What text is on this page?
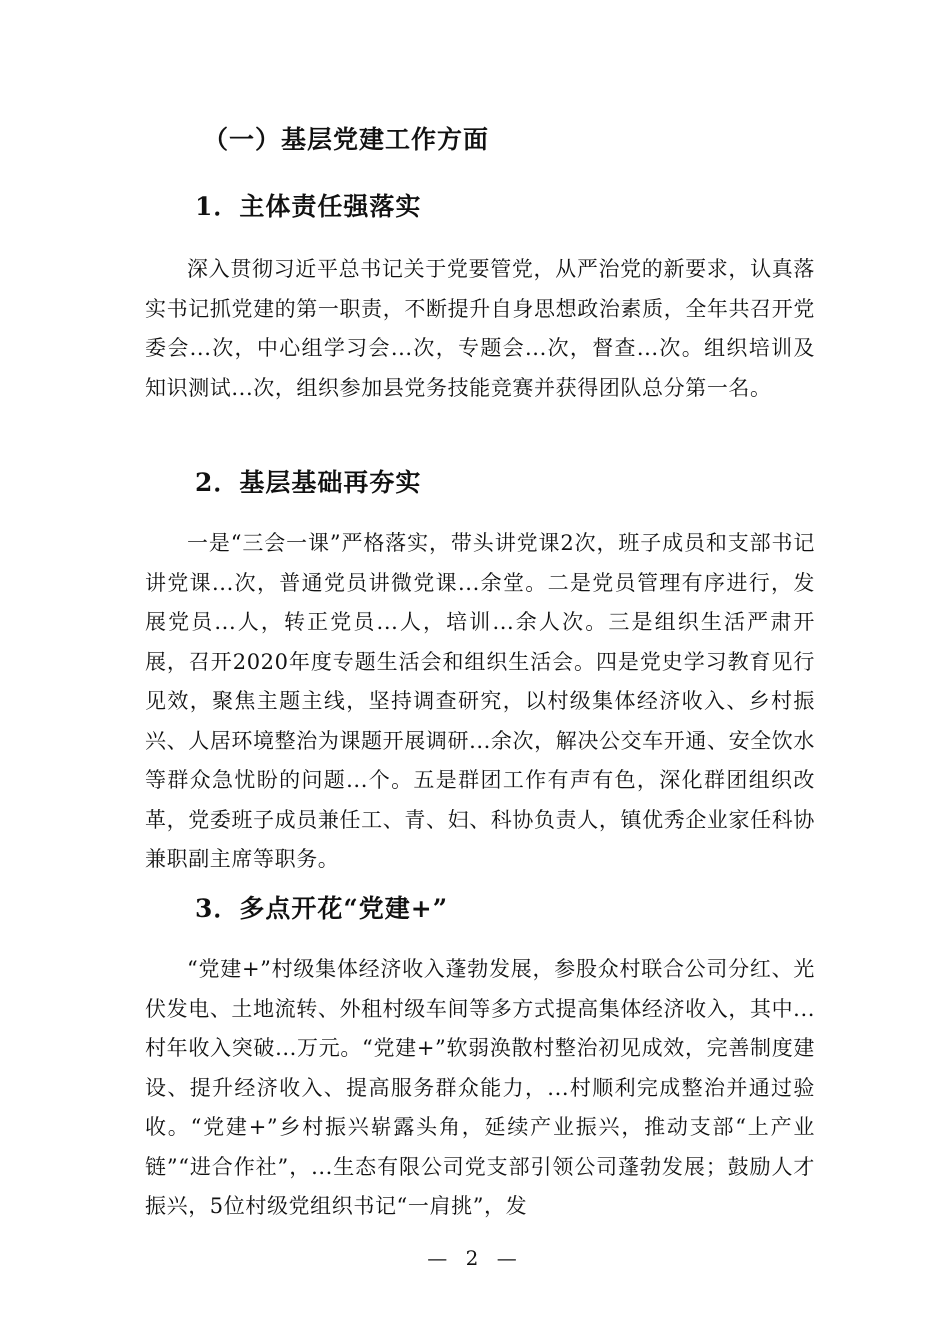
（一）基层党建工作方面
1．主体责任强落实

深入贯彻习近平总书记关于党要管党，从严治党的新要求，认真落实书记抓党建的第一职责，不断提升自身思想政治素质，全年共召开党委会...次，中心组学习会...次，专题会...次，督查...次。组织培训及知识测试...次，组织参加县党务技能竞赛并获得团队总分第一名。

2．基层基础再夯实

一是“三会一课”严格落实，带头讲党课2次，班子成员和支部书记讲党课...次，普通党员讲微党课...余堂。二是党员管理有序进行，发展党员...人，转正党员...人，培训...余人次。三是组织生活严肃开展，召开2020年度专题生活会和组织生活会。四是党史学习教育见行见效，聚焦主题主线，坚持调查研究，以村级集体经济收入、乡村振兴、人居环境整治为课题开展调研...余次，解决公交车开通、安全饮水等群众急忧盼的问题...个。五是群团工作有声有色，深化群团组织改革，党委班子成员兼任工、青、妇、科协负责人，镇优秀企业家任科协兼职副主席等职务。

3．多点开花“党建+”

“党建+”村级集体经济收入蓬勃发展，参股众村联合公司分红、光伏发电、土地流转、外租村级车间等多方式提高集体经济收入，其中...村年收入突破...万元。“党建+”软弱涣散村整治初见成效，完善制度建设、提升经济收入、提高服务群众能力，...村顺利完成整治并通过验收。“党建+”乡村振兴崭露头角，延续产业振兴，推动支部“上产业链”“进合作社”，...生态有限公司党支部引领公司蓬勃发展；鼓励人才振兴，5位村级党组织书记“一肩挑”，发

— 2 —
